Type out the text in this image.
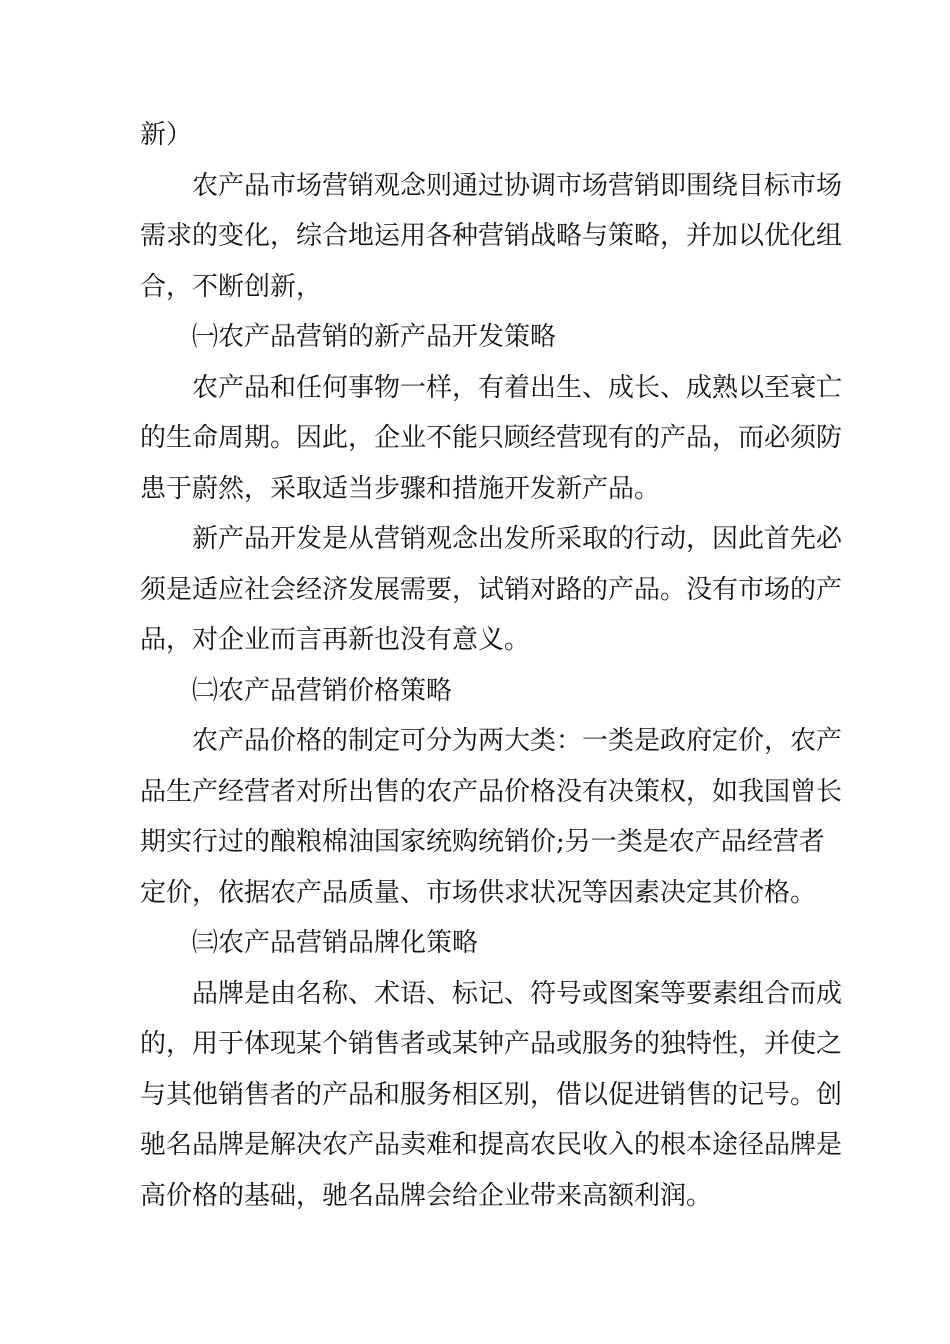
新）
农产品市场营销观念则通过协调市场营销即围绕目标市场
需求的变化，综合地运用各种营销战略与策略，并加以优化组
合，不断创新，
㈠农产品营销的新产品开发策略
农产品和任何事物一样，有着出生、成长、成熟以至衰亡
的生命周期。因此，企业不能只顾经营现有的产品，而必须防
患于蔚然，采取适当步骤和措施开发新产品。
新产品开发是从营销观念出发所采取的行动，因此首先必
须是适应社会经济发展需要，试销对路的产品。没有市场的产
品，对企业而言再新也没有意义。
㈡农产品营销价格策略
农产品价格的制定可分为两大类：一类是政府定价，农产
品生产经营者对所出售的农产品价格没有决策权，如我国曾长
期实行过的酿粮棉油国家统购统销价;另一类是农产品经营者
定价，依据农产品质量、市场供求状况等因素决定其价格。
㈢农产品营销品牌化策略
品牌是由名称、术语、标记、符号或图案等要素组合而成
的，用于体现某个销售者或某钟产品或服务的独特性，并使之
与其他销售者的产品和服务相区别，借以促进销售的记号。创
驰名品牌是解决农产品卖难和提高农民收入的根本途径品牌是
高价格的基础，驰名品牌会给企业带来高额利润。
